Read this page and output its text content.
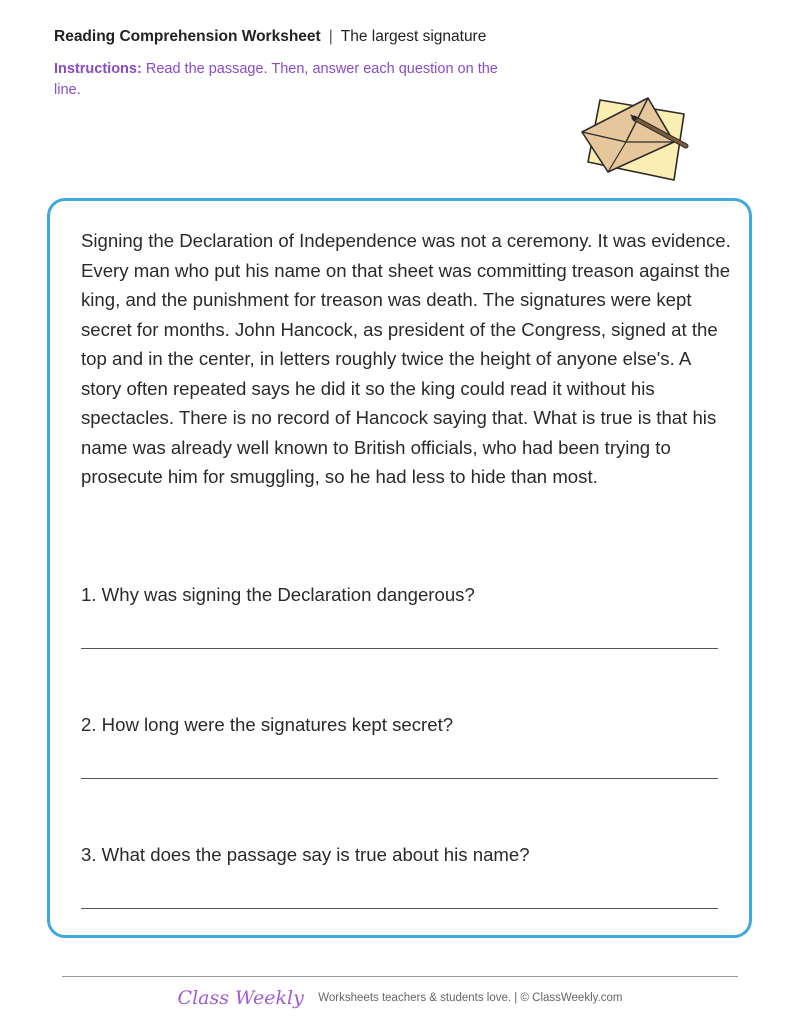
Reading Comprehension Worksheet | The largest signature
Instructions: Read the passage. Then, answer each question on the line.

Signing the Declaration of Independence was not a ceremony. It was evidence. Every man who put his name on that sheet was committing treason against the king, and the punishment for treason was death. The signatures were kept secret for months. John Hancock, as president of the Congress, signed at the top and in the center, in letters roughly twice the height of anyone else's. A story often repeated says he did it so the king could read it without his spectacles. There is no record of Hancock saying that. What is true is that his name was already well known to British officials, who had been trying to prosecute him for smuggling, so he had less to hide than most.

1. Why was signing the Declaration dangerous?
2. How long were the signatures kept secret?
3. What does the passage say is true about his name?
Class Weekly Worksheets teachers & students love. | © ClassWeekly.com
